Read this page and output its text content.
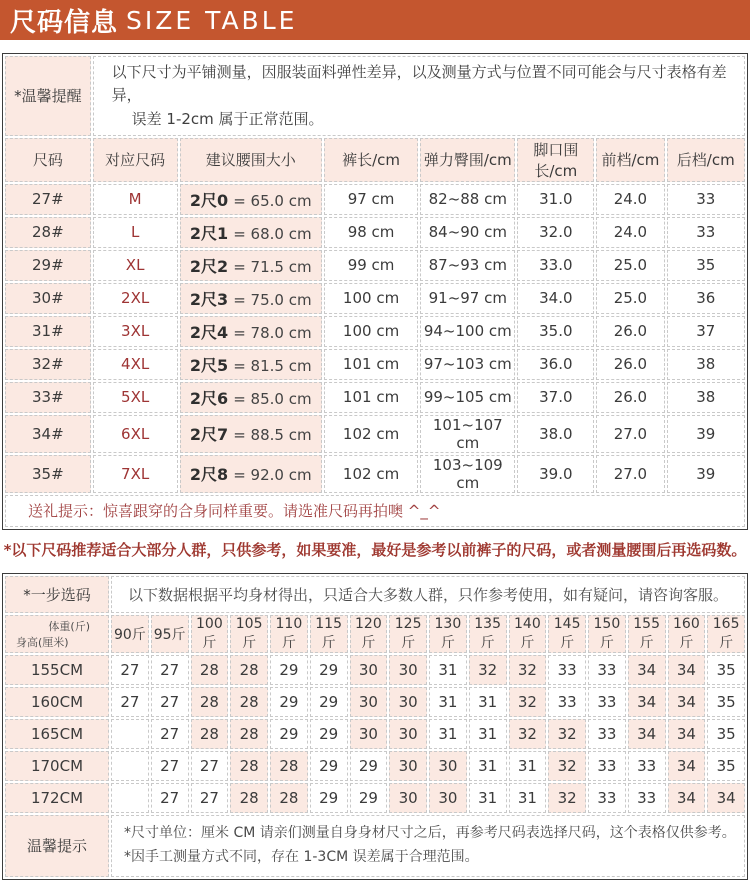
尺码信息 SIZE TABLE
*温馨提醒	以下尺寸为平铺测量，因服装面料弹性差异，以及测量方式与位置不同可能会与尺寸表格有差异，
误差 1-2cm 属于正常范围。						

尺码	对应尺码	建议腰围大小	裤长/cm	弹力臀围/cm	脚口围长/cm	前档/cm	后档/cm
27#	M	2尺0 = 65.0 cm	97 cm	82~88 cm	31.0	24.0	33
28#	L	2尺1 = 68.0 cm	98 cm	84~90 cm	32.0	24.0	33
29#	XL	2尺2 = 71.5 cm	99 cm	87~93 cm	33.0	25.0	35
30#	2XL	2尺3 = 75.0 cm	100 cm	91~97 cm	34.0	25.0	36
31#	3XL	2尺4 = 78.0 cm	100 cm	94~100 cm	35.0	26.0	37
32#	4XL	2尺5 = 81.5 cm	101 cm	97~103 cm	36.0	26.0	38
33#	5XL	2尺6 = 85.0 cm	101 cm	99~105 cm	37.0	26.0	38
34#	6XL	2尺7 = 88.5 cm	102 cm	101~107 cm	38.0	27.0	39
35#	7XL	2尺8 = 92.0 cm	102 cm	103~109 cm	39.0	27.0	39
送礼提示：惊喜跟穿的合身同样重要。请选准尺码再拍噢 ^_^							
*以下尺码推荐适合大部分人群，只供参考，如果要准，最好是参考以前裤子的尺码，或者测量腰围后再选码数。
*一步选码	以下数据根据平均身材得出，只适合大多数人群，只作参考使用，如有疑问，请咨询客服。															

体重(斤)
身高(厘米)	90斤	95斤	100斤	105斤	110斤	115斤	120斤	125斤	130斤	135斤	140斤	145斤	150斤	155斤	160斤	165斤
155CM	27	27	28	28	29	29	30	30	31	32	32	33	33	34	34	35
160CM	27	27	28	28	29	29	30	30	31	31	32	33	33	34	34	35
165CM		27	28	28	29	29	30	30	31	31	32	32	33	34	34	35
170CM		27	27	28	28	29	29	30	30	31	31	32	33	33	34	35
172CM		27	27	28	28	29	29	30	30	31	31	32	33	33	34	34
温馨提示	*尺寸单位：厘米 CM 请亲们测量自身身材尺寸之后，再参考尺码表选择尺码，这个表格仅供参考。
*因手工测量方式不同，存在 1-3CM 误差属于合理范围。															
